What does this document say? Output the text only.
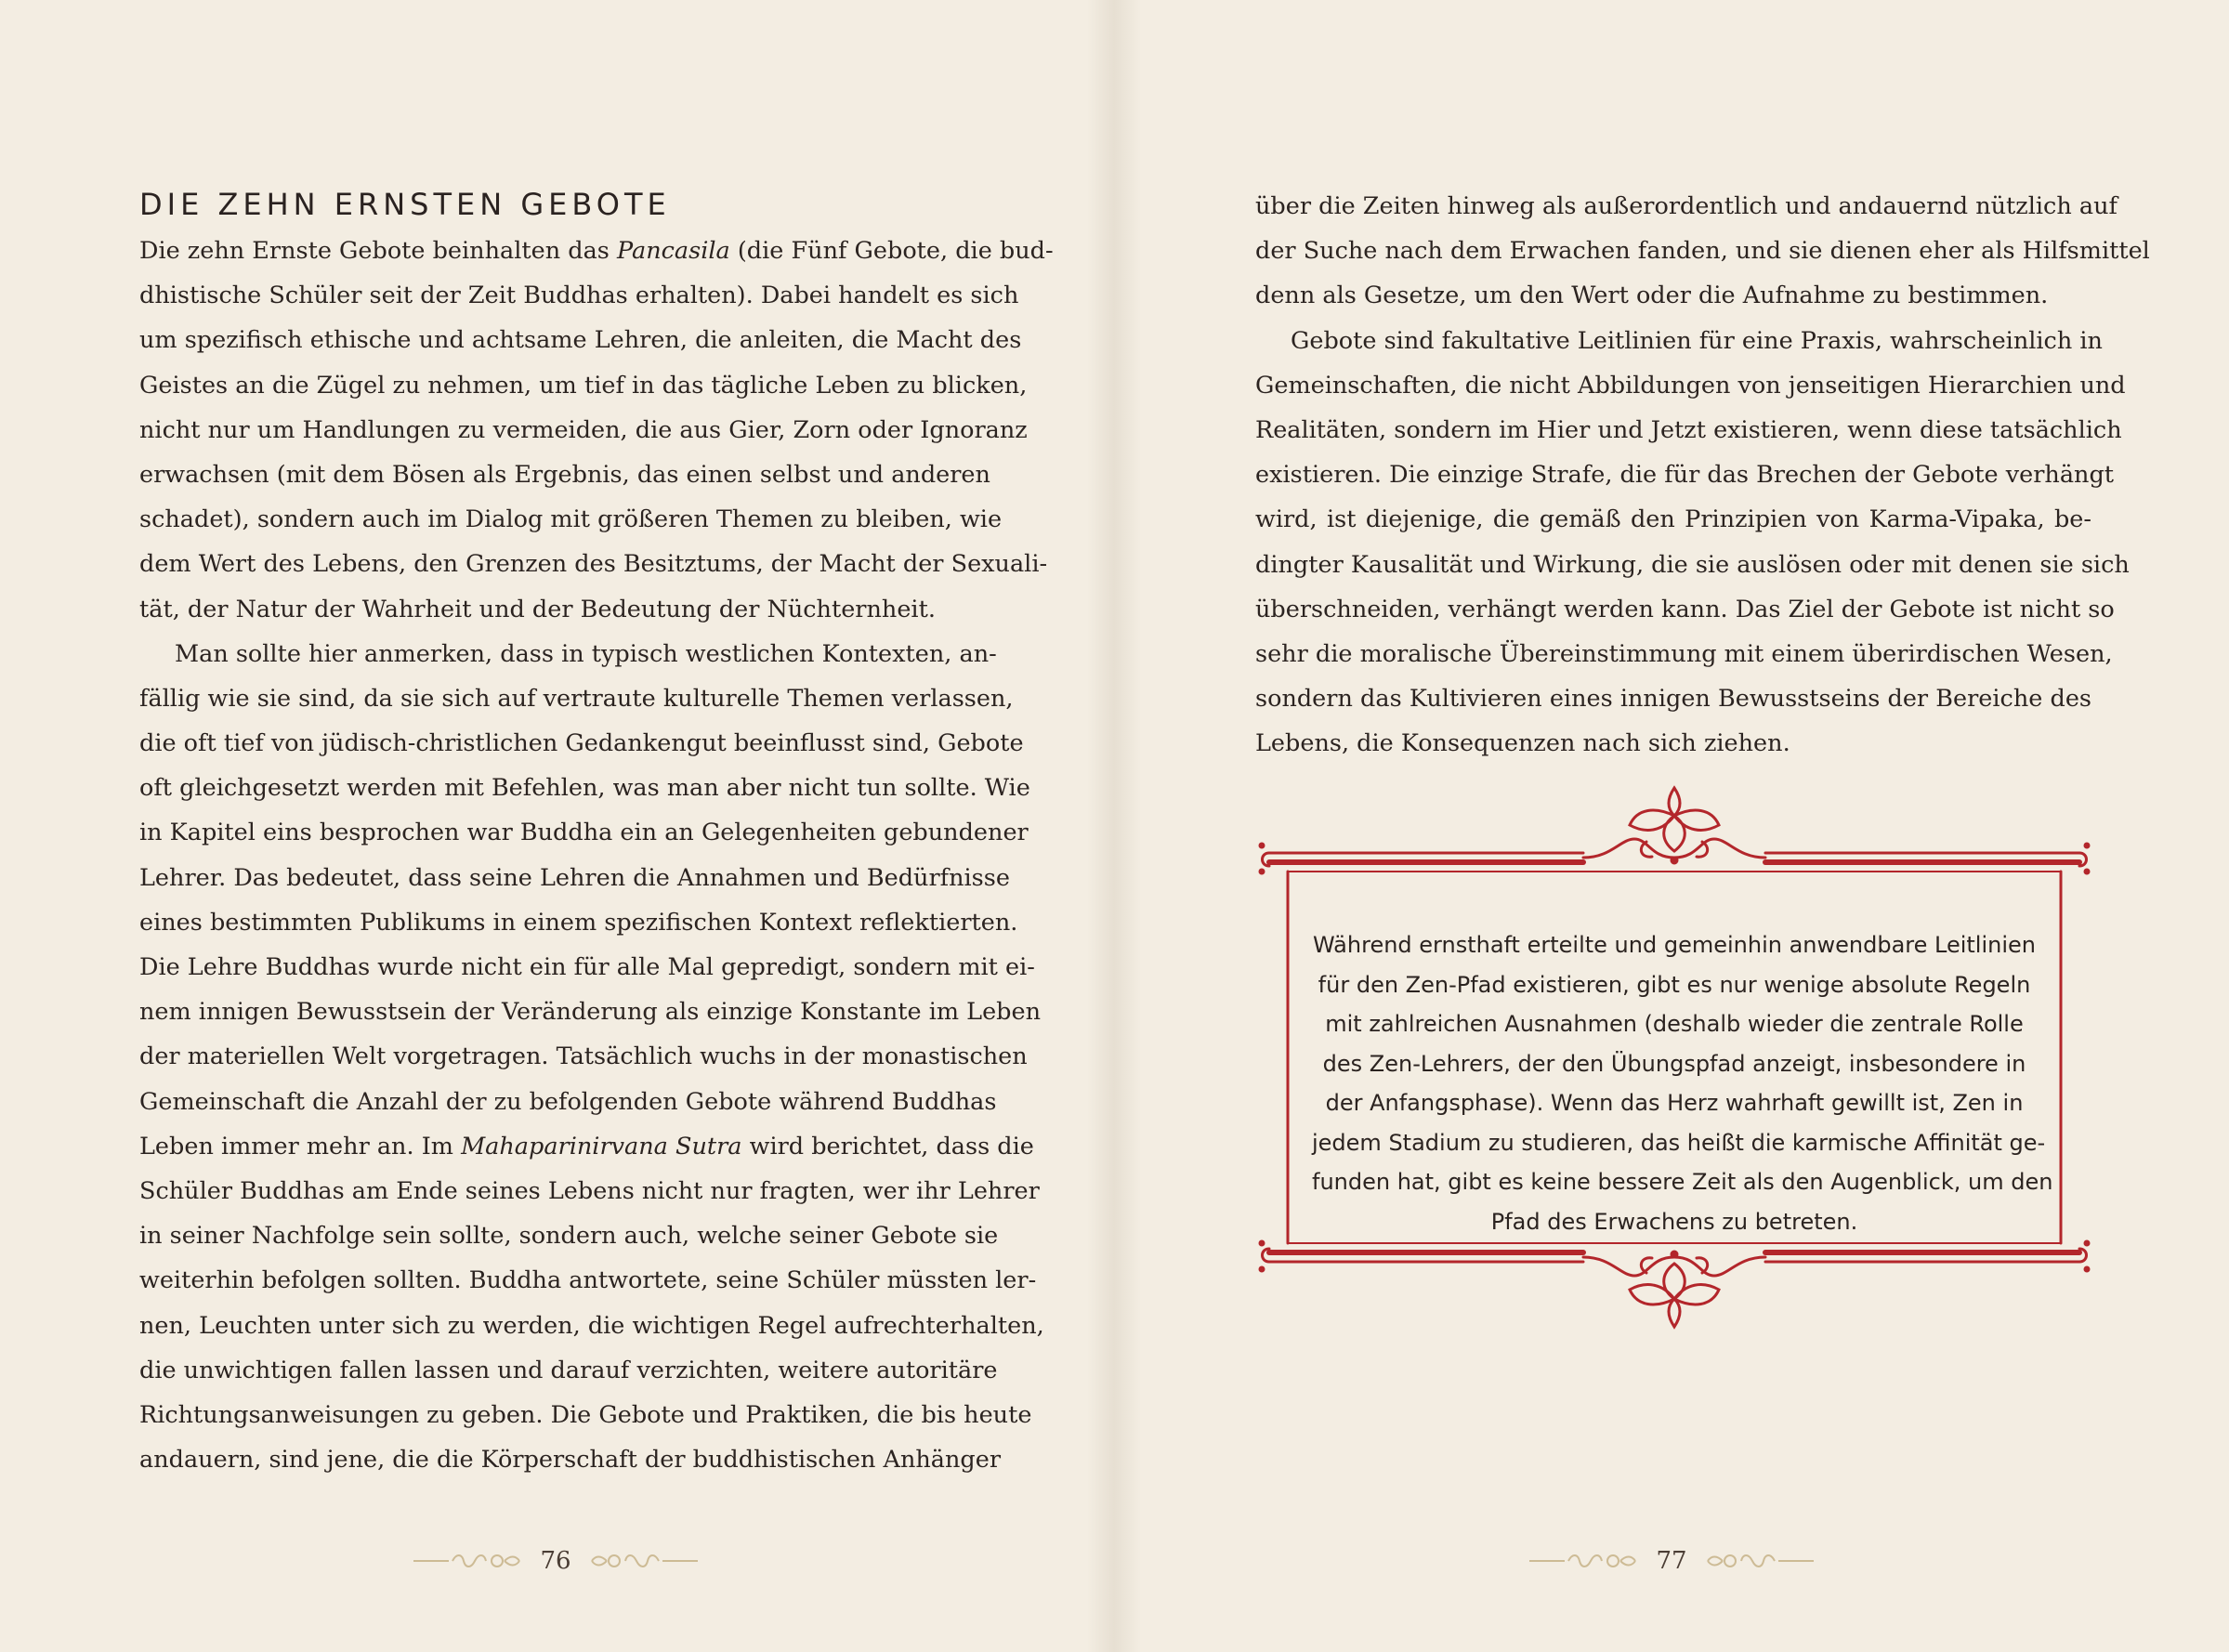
DIE ZEHN ERNSTEN GEBOTE
Die zehn Ernste Gebote beinhalten das Pancasila (die Fünf Gebote, die bud-
dhistische Schüler seit der Zeit Buddhas erhalten). Dabei handelt es sich
um spezifisch ethische und achtsame Lehren, die anleiten, die Macht des
Geistes an die Zügel zu nehmen, um tief in das tägliche Leben zu blicken,
nicht nur um Handlungen zu vermeiden, die aus Gier, Zorn oder Ignoranz
erwachsen (mit dem Bösen als Ergebnis, das einen selbst und anderen
schadet), sondern auch im Dialog mit größeren Themen zu bleiben, wie
dem Wert des Lebens, den Grenzen des Besitztums, der Macht der Sexuali-
tät, der Natur der Wahrheit und der Bedeutung der Nüchternheit.
Man sollte hier anmerken, dass in typisch westlichen Kontexten, an-
fällig wie sie sind, da sie sich auf vertraute kulturelle Themen verlassen,
die oft tief von jüdisch-christlichen Gedankengut beeinflusst sind, Gebote
oft gleichgesetzt werden mit Befehlen, was man aber nicht tun sollte. Wie
in Kapitel eins besprochen war Buddha ein an Gelegenheiten gebundener
Lehrer. Das bedeutet, dass seine Lehren die Annahmen und Bedürfnisse
eines bestimmten Publikums in einem spezifischen Kontext reflektierten.
Die Lehre Buddhas wurde nicht ein für alle Mal gepredigt, sondern mit ei-
nem innigen Bewusstsein der Veränderung als einzige Konstante im Leben
der materiellen Welt vorgetragen. Tatsächlich wuchs in der monastischen
Gemeinschaft die Anzahl der zu befolgenden Gebote während Buddhas
Leben immer mehr an. Im Mahaparinirvana Sutra wird berichtet, dass die
Schüler Buddhas am Ende seines Lebens nicht nur fragten, wer ihr Lehrer
in seiner Nachfolge sein sollte, sondern auch, welche seiner Gebote sie
weiterhin befolgen sollten. Buddha antwortete, seine Schüler müssten ler-
nen, Leuchten unter sich zu werden, die wichtigen Regel aufrechterhalten,
die unwichtigen fallen lassen und darauf verzichten, weitere autoritäre
Richtungsanweisungen zu geben. Die Gebote und Praktiken, die bis heute
andauern, sind jene, die die Körperschaft der buddhistischen Anhänger
76
über die Zeiten hinweg als außerordentlich und andauernd nützlich auf
der Suche nach dem Erwachen fanden, und sie dienen eher als Hilfsmittel
denn als Gesetze, um den Wert oder die Aufnahme zu bestimmen.
Gebote sind fakultative Leitlinien für eine Praxis, wahrscheinlich in
Gemeinschaften, die nicht Abbildungen von jenseitigen Hierarchien und
Realitäten, sondern im Hier und Jetzt existieren, wenn diese tatsächlich
existieren. Die einzige Strafe, die für das Brechen der Gebote verhängt
wird, ist diejenige, die gemäß den Prinzipien von Karma-Vipaka, be-
dingter Kausalität und Wirkung, die sie auslösen oder mit denen sie sich
überschneiden, verhängt werden kann. Das Ziel der Gebote ist nicht so
sehr die moralische Übereinstimmung mit einem überirdischen Wesen,
sondern das Kultivieren eines innigen Bewusstseins der Bereiche des
Lebens, die Konsequenzen nach sich ziehen.
77
Während ernsthaft erteilte und gemeinhin anwendbare Leitlinien
für den Zen-Pfad existieren, gibt es nur wenige absolute Regeln
mit zahlreichen Ausnahmen (deshalb wieder die zentrale Rolle
des Zen-Lehrers, der den Übungspfad anzeigt, insbesondere in
der Anfangsphase). Wenn das Herz wahrhaft gewillt ist, Zen in
jedem Stadium zu studieren, das heißt die karmische Affinität ge-
funden hat, gibt es keine bessere Zeit als den Augenblick, um den
Pfad des Erwachens zu betreten.
